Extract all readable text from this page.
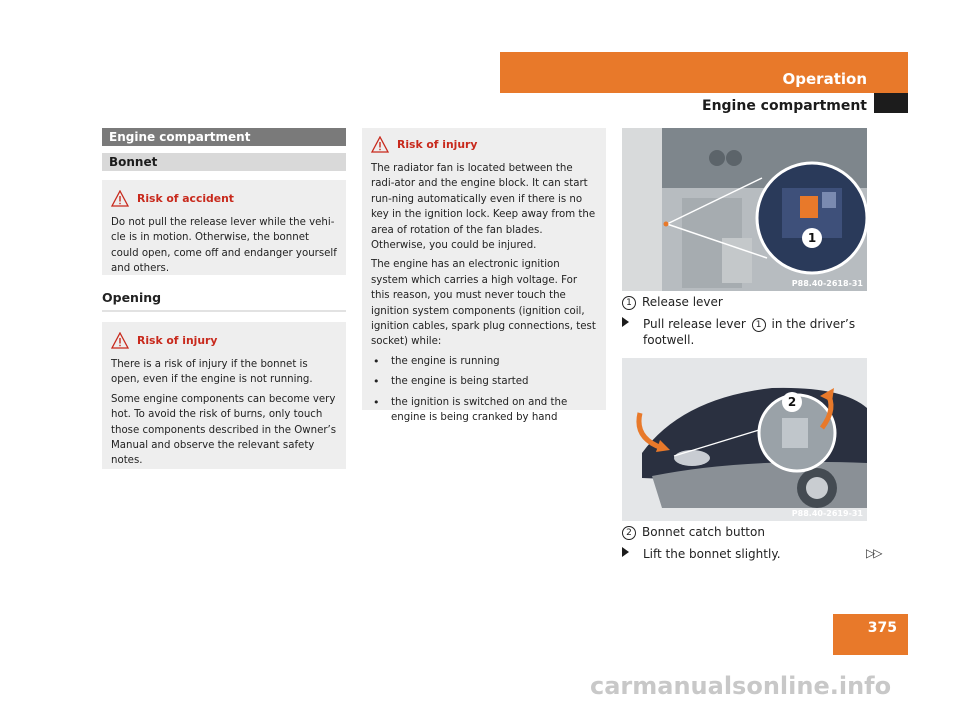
Operation
Engine compartment
Engine compartment
Bonnet
Risk of accident

Do not pull the release lever while the vehi-cle is in motion. Otherwise, the bonnet could open, come off and endanger yourself and others.

Opening
Risk of injury

There is a risk of injury if the bonnet is open, even if the engine is not running.

Some engine components can become very hot. To avoid the risk of burns, only touch those components described in the Owner’s Manual and observe the relevant safety notes.

Risk of injury

The radiator fan is located between the radi-ator and the engine block. It can start run-ning automatically even if there is no key in the ignition lock. Keep away from the area of rotation of the fan blades. Otherwise, you could be injured.

The engine has an electronic ignition system which carries a high voltage. For this reason, you must never touch the ignition system components (ignition coil, ignition cables, spark plug connections, test socket) while:

• the engine is running
• the engine is being started
• the ignition is switched on and the engine is being cranked by hand
1
P88.40-2618-31
1 Release lever
Pull release lever 1 in the driver’s footwell.
2
P88.40-2619-31
2 Bonnet catch button
Lift the bonnet slightly.	▷▷
375
carmanualsonline.info
